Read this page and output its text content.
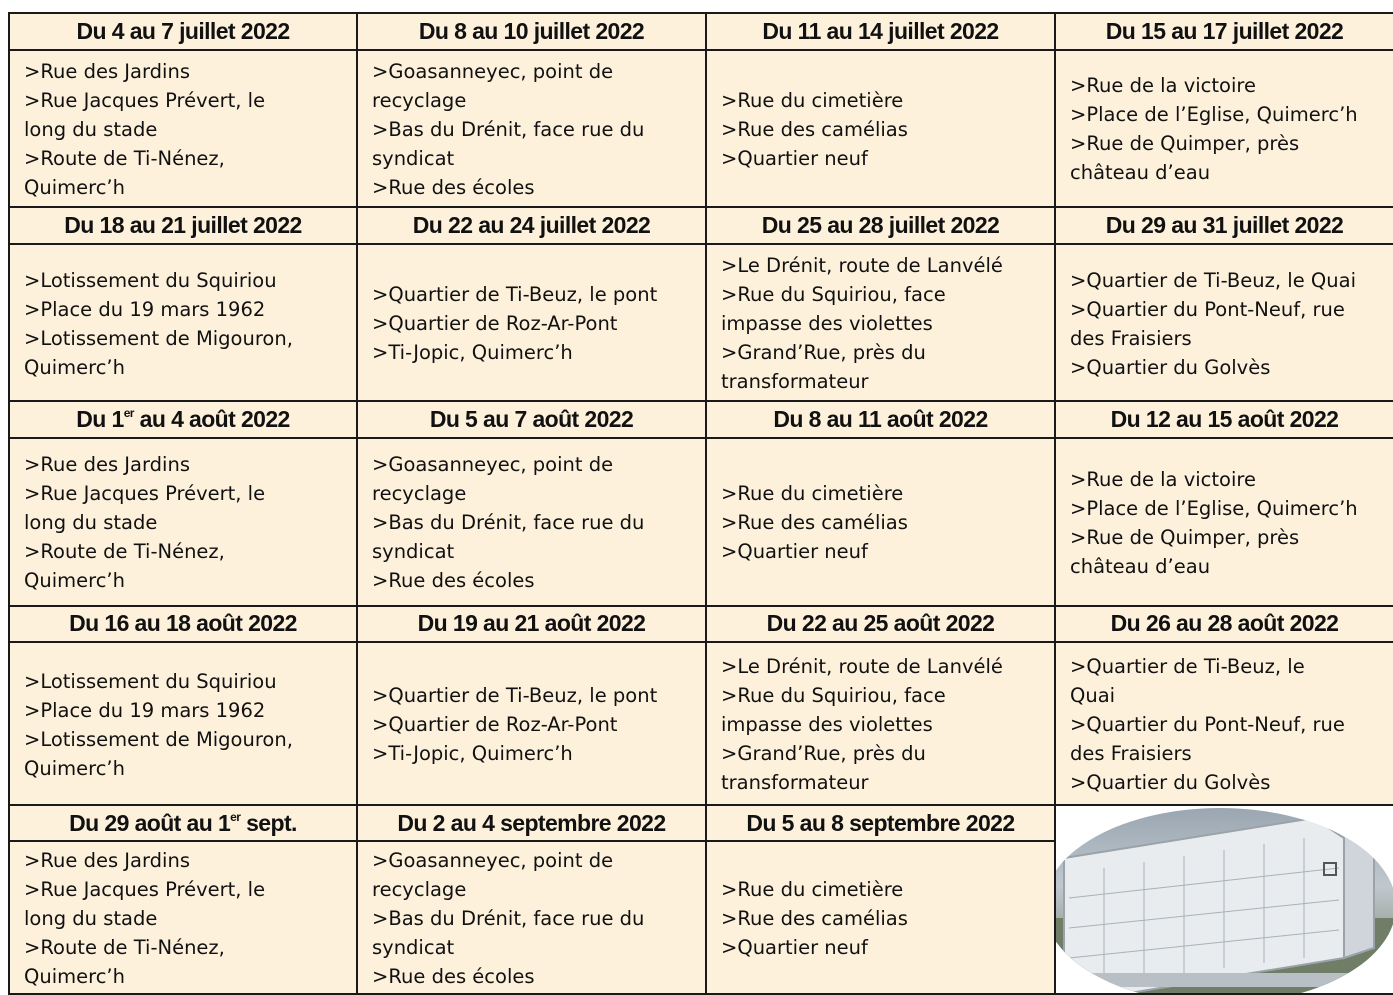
Du 4 au 7 juillet 2022	Du 8 au 10 juillet 2022	Du 11 au 14 juillet 2022	Du 15 au 17 juillet 2022

>Rue des Jardins
>Rue Jacques Prévert, le
long du stade
>Route de Ti-Nénez,
Quimerc’h	>Goasanneyec, point de
recyclage
>Bas du Drénit, face rue du
syndicat
>Rue des écoles	>Rue du cimetière
>Rue des camélias
>Quartier neuf	>Rue de la victoire
>Place de l’Eglise, Quimerc’h
>Rue de Quimper, près
château d’eau

Du 18 au 21 juillet 2022	Du 22 au 24 juillet 2022	Du 25 au 28 juillet 2022	Du 29 au 31 juillet 2022

>Lotissement du Squiriou
>Place du 19 mars 1962
>Lotissement de Migouron,
Quimerc’h	>Quartier de Ti-Beuz, le pont
>Quartier de Roz-Ar-Pont
>Ti-Jopic, Quimerc’h	>Le Drénit, route de Lanvélé
>Rue du Squiriou, face
impasse des violettes
>Grand’Rue, près du
transformateur	>Quartier de Ti-Beuz, le Quai
>Quartier du Pont-Neuf, rue
des Fraisiers
>Quartier du Golvès

Du 1er au 4 août 2022	Du 5 au 7 août 2022	Du 8 au 11 août 2022	Du 12 au 15 août 2022

>Rue des Jardins
>Rue Jacques Prévert, le
long du stade
>Route de Ti-Nénez,
Quimerc’h	>Goasanneyec, point de
recyclage
>Bas du Drénit, face rue du
syndicat
>Rue des écoles	>Rue du cimetière
>Rue des camélias
>Quartier neuf	>Rue de la victoire
>Place de l’Eglise, Quimerc’h
>Rue de Quimper, près
château d’eau

Du 16 au 18 août 2022	Du 19 au 21 août 2022	Du 22 au 25 août 2022	Du 26 au 28 août 2022

>Lotissement du Squiriou
>Place du 19 mars 1962
>Lotissement de Migouron,
Quimerc’h	>Quartier de Ti-Beuz, le pont
>Quartier de Roz-Ar-Pont
>Ti-Jopic, Quimerc’h	>Le Drénit, route de Lanvélé
>Rue du Squiriou, face
impasse des violettes
>Grand’Rue, près du
transformateur	>Quartier de Ti-Beuz, le
Quai
>Quartier du Pont-Neuf, rue
des Fraisiers
>Quartier du Golvès

Du 29 août au 1er sept.	Du 2 au 4 septembre 2022	Du 5 au 8 septembre 2022	

>Rue des Jardins
>Rue Jacques Prévert, le
long du stade
>Route de Ti-Nénez,
Quimerc’h	>Goasanneyec, point de
recyclage
>Bas du Drénit, face rue du
syndicat
>Rue des écoles	>Rue du cimetière
>Rue des camélias
>Quartier neuf	
